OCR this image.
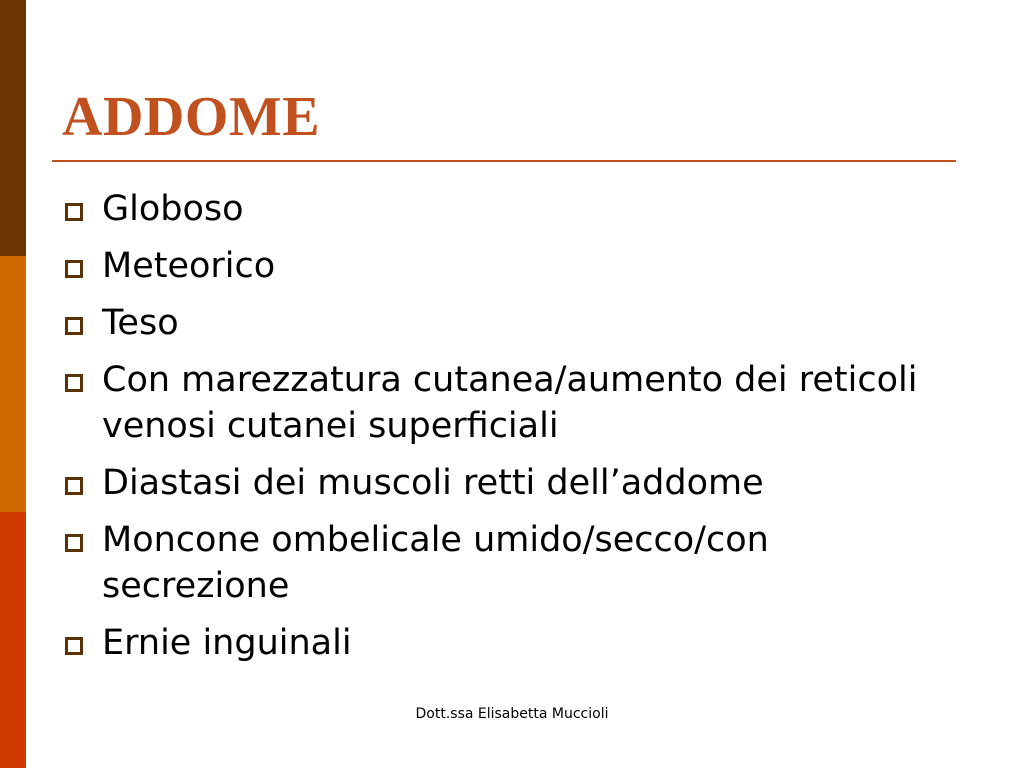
ADDOME
Globoso
Meteorico
Teso
Con marezzatura cutanea/aumento dei reticoli venosi cutanei superficiali
Diastasi dei muscoli retti dell’addome
Moncone ombelicale umido/secco/con secrezione
Ernie inguinali
Dott.ssa Elisabetta Muccioli
